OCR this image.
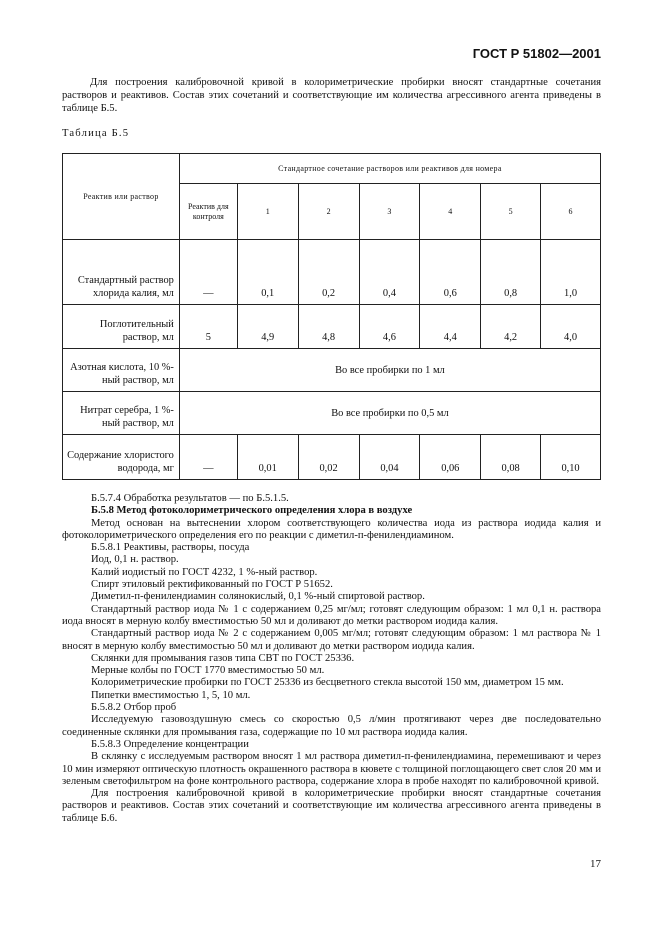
ГОСТ Р 51802—2001

Для построения калибровочной кривой в колориметрические пробирки вносят стандартные сочетания растворов и реактивов. Состав этих сочетаний и соответствующие им количества агрессивного агента приведены в таблице Б.5.

Таблица Б.5
Реактив или раствор	Стандартное сочетание растворов или реактивов для номера						
	Реактив для контроля	1	2	3	4	5	6
Стандартный раствор хлорида калия, мл	—	0,1	0,2	0,4	0,6	0,8	1,0
Поглотительный раствор, мл	5	4,9	4,8	4,6	4,4	4,2	4,0
Азотная кислота, 10 %-ный раствор, мл	Во все пробирки по 1 мл						
Нитрат серебра, 1 %-ный раствор, мл	Во все пробирки по 0,5 мл						
Содержание хлористого водорода, мг	—	0,01	0,02	0,04	0,06	0,08	0,10

Б.5.7.4 Обработка результатов — по Б.5.1.5.

Б.5.8 Метод фотоколориметрического определения хлора в воздухе

Метод основан на вытеснении хлором соответствующего количества иода из раствора иодида калия и фотоколориметрического определения его по реакции с диметил-п-фенилендиамином.

Б.5.8.1 Реактивы, растворы, посуда

Иод, 0,1 н. раствор.

Калий иодистый по ГОСТ 4232, 1 %-ный раствор.

Спирт этиловый ректификованный по ГОСТ Р 51652.

Диметил-п-фенилендиамин солянокислый, 0,1 %-ный спиртовой раствор.

Стандартный раствор иода № 1 с содержанием 0,25 мг/мл; готовят следующим образом: 1 мл 0,1 н. раствора иода вносят в мерную колбу вместимостью 50 мл и доливают до метки раствором иодида калия.

Стандартный раствор иода № 2 с содержанием 0,005 мг/мл; готовят следующим образом: 1 мл раствора № 1 вносят в мерную колбу вместимостью 50 мл и доливают до метки раствором иодида калия.

Склянки для промывания газов типа СВТ по ГОСТ 25336.

Мерные колбы по ГОСТ 1770 вместимостью 50 мл.

Колориметрические пробирки по ГОСТ 25336 из бесцветного стекла высотой 150 мм, диаметром 15 мм.

Пипетки вместимостью 1, 5, 10 мл.

Б.5.8.2 Отбор проб

Исследуемую газовоздушную смесь со скоростью 0,5 л/мин протягивают через две последовательно соединенные склянки для промывания газа, содержащие по 10 мл раствора иодида калия.

Б.5.8.3 Определение концентрации

В склянку с исследуемым раствором вносят 1 мл раствора диметил-п-фенилендиамина, перемешивают и через 10 мин измеряют оптическую плотность окрашенного раствора в кювете с толщиной поглощающего свет слоя 20 мм и зеленым светофильтром на фоне контрольного раствора, содержание хлора в пробе находят по калибровочной кривой.

Для построения калибровочной кривой в колориметрические пробирки вносят стандартные сочетания растворов и реактивов. Состав этих сочетаний и соответствующие им количества агрессивного агента приведены в таблице Б.6.

17
